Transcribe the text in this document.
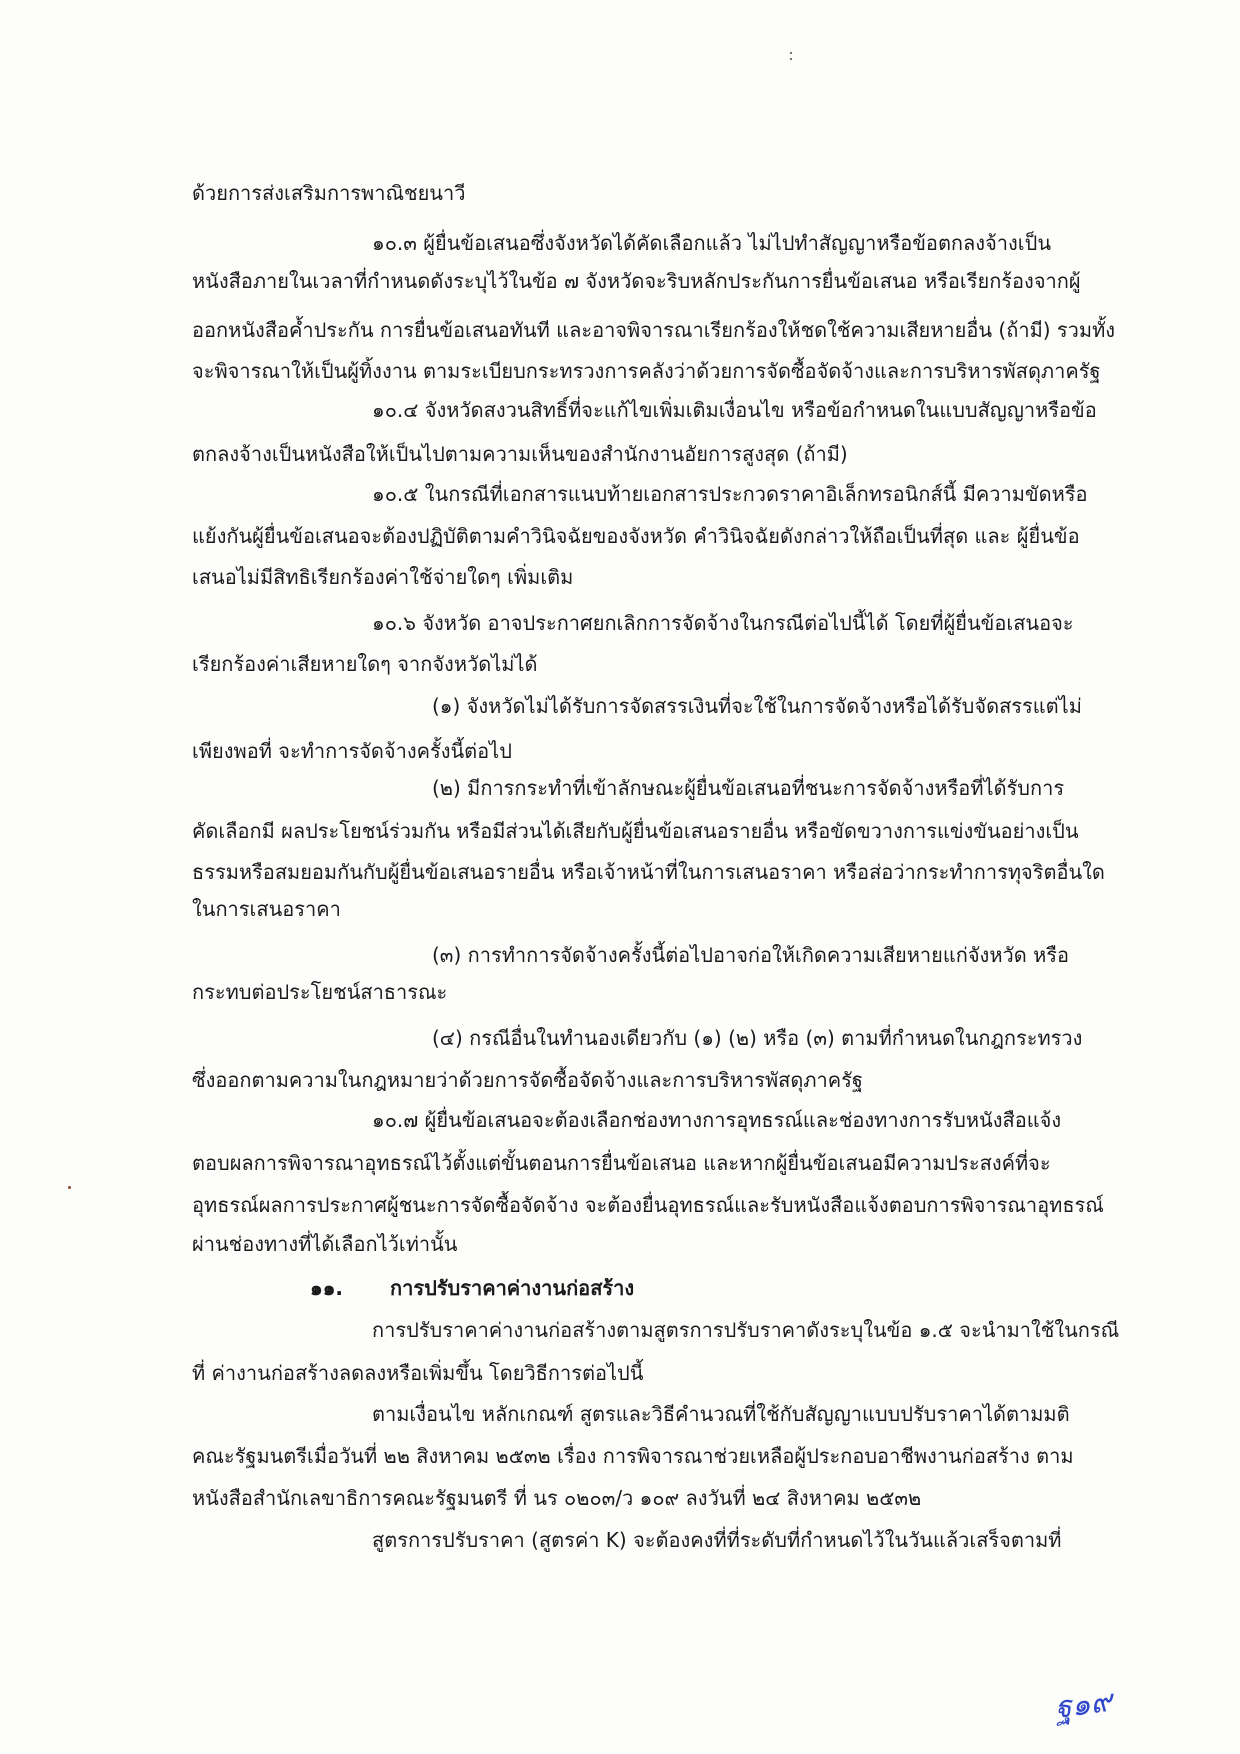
ด้วยการส่งเสริมการพาณิชยนาวี

๑๐.๓ ผู้ยื่นข้อเสนอซึ่งจังหวัดได้คัดเลือกแล้ว ไม่ไปทำสัญญาหรือข้อตกลงจ้างเป็น

หนังสือภายในเวลาที่กำหนดดังระบุไว้ในข้อ ๗ จังหวัดจะริบหลักประกันการยื่นข้อเสนอ หรือเรียกร้องจากผู้

ออกหนังสือค้ำประกัน การยื่นข้อเสนอทันที และอาจพิจารณาเรียกร้องให้ชดใช้ความเสียหายอื่น (ถ้ามี) รวมทั้ง

จะพิจารณาให้เป็นผู้ทิ้งงาน ตามระเบียบกระทรวงการคลังว่าด้วยการจัดซื้อจัดจ้างและการบริหารพัสดุภาครัฐ

๑๐.๔ จังหวัดสงวนสิทธิ์ที่จะแก้ไขเพิ่มเติมเงื่อนไข หรือข้อกำหนดในแบบสัญญาหรือข้อ

ตกลงจ้างเป็นหนังสือให้เป็นไปตามความเห็นของสำนักงานอัยการสูงสุด (ถ้ามี)

๑๐.๕ ในกรณีที่เอกสารแนบท้ายเอกสารประกวดราคาอิเล็กทรอนิกส์นี้ มีความขัดหรือ

แย้งกันผู้ยื่นข้อเสนอจะต้องปฏิบัติตามคำวินิจฉัยของจังหวัด คำวินิจฉัยดังกล่าวให้ถือเป็นที่สุด และ ผู้ยื่นข้อ

เสนอไม่มีสิทธิเรียกร้องค่าใช้จ่ายใดๆ เพิ่มเติม

๑๐.๖ จังหวัด อาจประกาศยกเลิกการจัดจ้างในกรณีต่อไปนี้ได้ โดยที่ผู้ยื่นข้อเสนอจะ

เรียกร้องค่าเสียหายใดๆ จากจังหวัดไม่ได้

(๑) จังหวัดไม่ได้รับการจัดสรรเงินที่จะใช้ในการจัดจ้างหรือได้รับจัดสรรแต่ไม่

เพียงพอที่ จะทำการจัดจ้างครั้งนี้ต่อไป

(๒) มีการกระทำที่เข้าลักษณะผู้ยื่นข้อเสนอที่ชนะการจัดจ้างหรือที่ได้รับการ

คัดเลือกมี ผลประโยชน์ร่วมกัน หรือมีส่วนได้เสียกับผู้ยื่นข้อเสนอรายอื่น หรือขัดขวางการแข่งขันอย่างเป็น

ธรรมหรือสมยอมกันกับผู้ยื่นข้อเสนอรายอื่น หรือเจ้าหน้าที่ในการเสนอราคา หรือส่อว่ากระทำการทุจริตอื่นใด

ในการเสนอราคา

(๓) การทำการจัดจ้างครั้งนี้ต่อไปอาจก่อให้เกิดความเสียหายแก่จังหวัด หรือ

กระทบต่อประโยชน์สาธารณะ

(๔) กรณีอื่นในทำนองเดียวกับ (๑) (๒) หรือ (๓) ตามที่กำหนดในกฎกระทรวง

ซึ่งออกตามความในกฎหมายว่าด้วยการจัดซื้อจัดจ้างและการบริหารพัสดุภาครัฐ

๑๐.๗ ผู้ยื่นข้อเสนอจะต้องเลือกช่องทางการอุทธรณ์และช่องทางการรับหนังสือแจ้ง

ตอบผลการพิจารณาอุทธรณ์ไว้ตั้งแต่ขั้นตอนการยื่นข้อเสนอ และหากผู้ยื่นข้อเสนอมีความประสงค์ที่จะ

อุทธรณ์ผลการประกาศผู้ชนะการจัดซื้อจัดจ้าง จะต้องยื่นอุทธรณ์และรับหนังสือแจ้งตอบการพิจารณาอุทธรณ์

ผ่านช่องทางที่ได้เลือกไว้เท่านั้น

๑๑. การปรับราคาค่างานก่อสร้าง

การปรับราคาค่างานก่อสร้างตามสูตรการปรับราคาดังระบุในข้อ ๑.๕ จะนำมาใช้ในกรณี

ที่ ค่างานก่อสร้างลดลงหรือเพิ่มขึ้น โดยวิธีการต่อไปนี้

ตามเงื่อนไข หลักเกณฑ์ สูตรและวิธีคำนวณที่ใช้กับสัญญาแบบปรับราคาได้ตามมติ

คณะรัฐมนตรีเมื่อวันที่ ๒๒ สิงหาคม ๒๕๓๒ เรื่อง การพิจารณาช่วยเหลือผู้ประกอบอาชีพงานก่อสร้าง ตาม

หนังสือสำนักเลขาธิการคณะรัฐมนตรี ที่ นร ๐๒๐๓/ว ๑๐๙ ลงวันที่ ๒๔ สิงหาคม ๒๕๓๒

สูตรการปรับราคา (สูตรค่า K) จะต้องคงที่ที่ระดับที่กำหนดไว้ในวันแล้วเสร็จตามที่

ฐ๑๙
